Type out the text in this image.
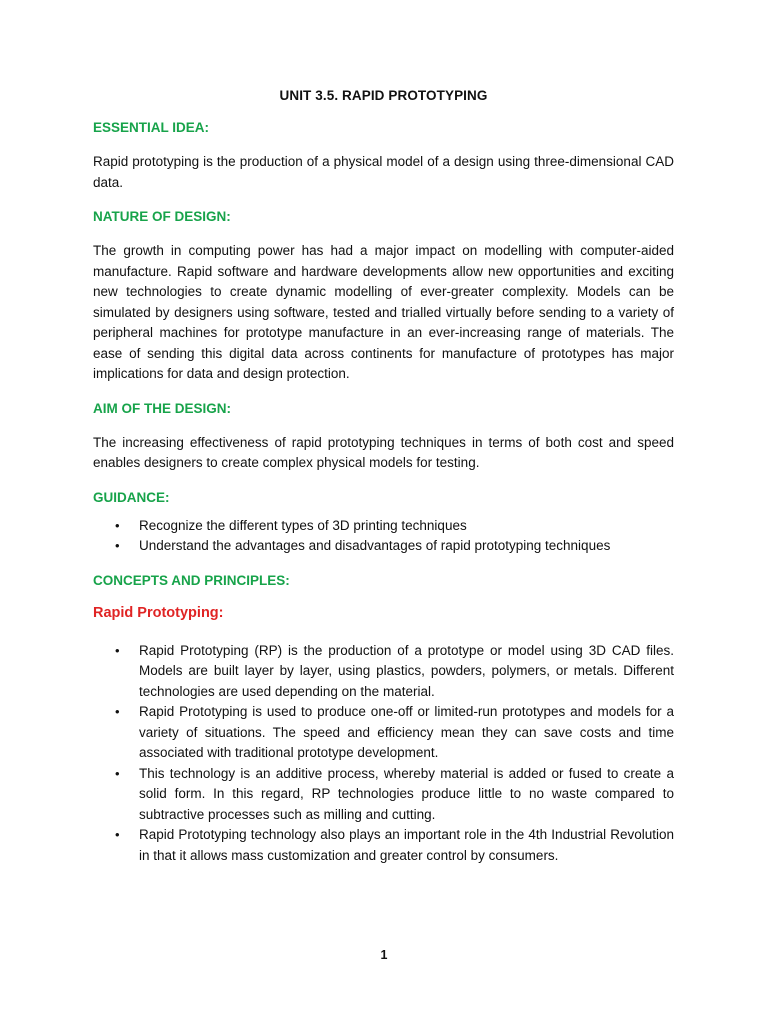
UNIT 3.5. RAPID PROTOTYPING
ESSENTIAL IDEA:

Rapid prototyping is the production of a physical model of a design using three-dimensional CAD data.

NATURE OF DESIGN:

The growth in computing power has had a major impact on modelling with computer-aided manufacture. Rapid software and hardware developments allow new opportunities and exciting new technologies to create dynamic modelling of ever-greater complexity. Models can be simulated by designers using software, tested and trialled virtually before sending to a variety of peripheral machines for prototype manufacture in an ever-increasing range of materials. The ease of sending this digital data across continents for manufacture of prototypes has major implications for data and design protection.

AIM OF THE DESIGN:

The increasing effectiveness of rapid prototyping techniques in terms of both cost and speed enables designers to create complex physical models for testing.

GUIDANCE:
• Recognize the different types of 3D printing techniques
• Understand the advantages and disadvantages of rapid prototyping techniques
CONCEPTS AND PRINCIPLES:
Rapid Prototyping:
• Rapid Prototyping (RP) is the production of a prototype or model using 3D CAD files. Models are built layer by layer, using plastics, powders, polymers, or metals. Different technologies are used depending on the material.
• Rapid Prototyping is used to produce one-off or limited-run prototypes and models for a variety of situations. The speed and efficiency mean they can save costs and time associated with traditional prototype development.
• This technology is an additive process, whereby material is added or fused to create a solid form. In this regard, RP technologies produce little to no waste compared to subtractive processes such as milling and cutting.
• Rapid Prototyping technology also plays an important role in the 4th Industrial Revolution in that it allows mass customization and greater control by consumers.
1
